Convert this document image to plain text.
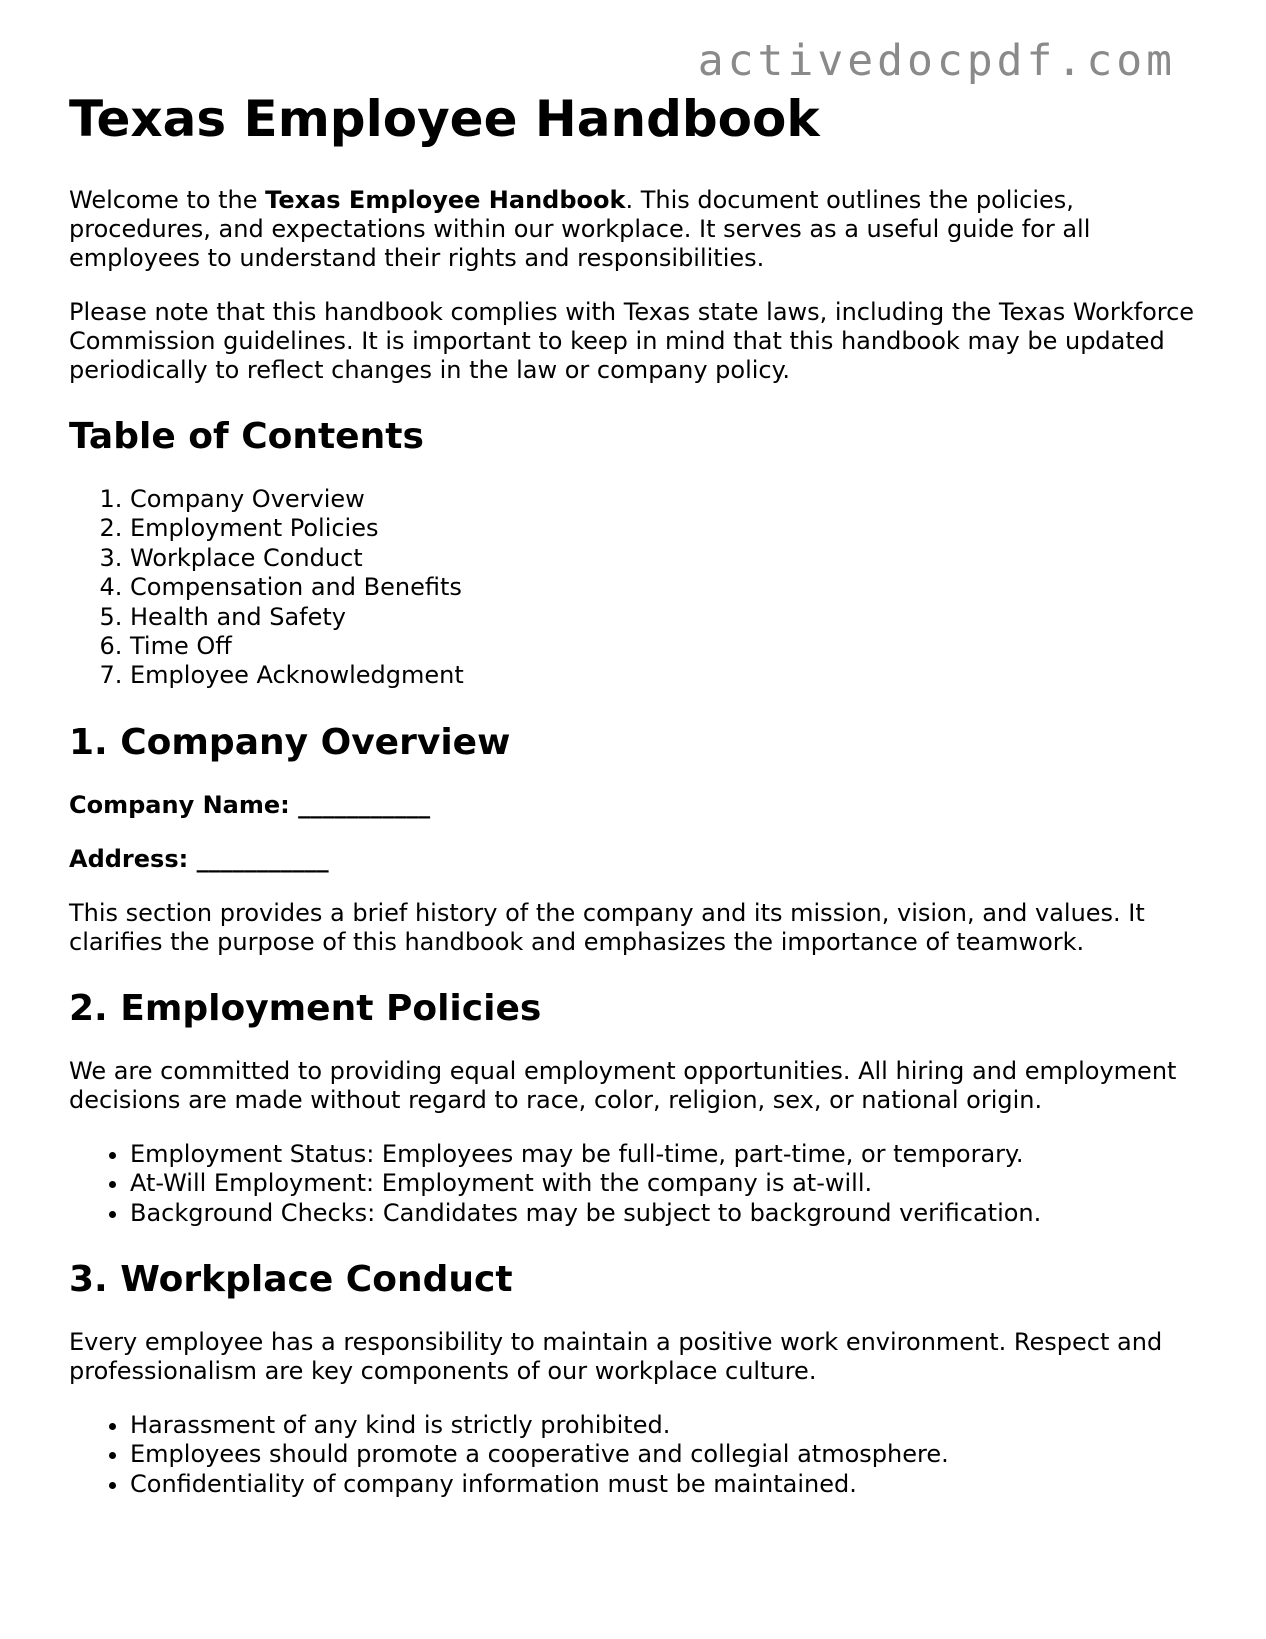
activedocpdf.com
Texas Employee Handbook

Welcome to the Texas Employee Handbook. This document outlines the policies, procedures, and expectations within our workplace. It serves as a useful guide for all employees to understand their rights and responsibilities.

Please note that this handbook complies with Texas state laws, including the Texas Workforce Commission guidelines. It is important to keep in mind that this handbook may be updated periodically to reflect changes in the law or company policy.

Table of Contents
1. Company Overview
2. Employment Policies
3. Workplace Conduct
4. Compensation and Benefits
5. Health and Safety
6. Time Off
7. Employee Acknowledgment
1. Company Overview

Company Name: ___________

Address: ___________

This section provides a brief history of the company and its mission, vision, and values. It clarifies the purpose of this handbook and emphasizes the importance of teamwork.

2. Employment Policies

We are committed to providing equal employment opportunities. All hiring and employment decisions are made without regard to race, color, religion, sex, or national origin.

• Employment Status: Employees may be full-time, part-time, or temporary.
• At-Will Employment: Employment with the company is at-will.
• Background Checks: Candidates may be subject to background verification.
3. Workplace Conduct

Every employee has a responsibility to maintain a positive work environment. Respect and professionalism are key components of our workplace culture.

• Harassment of any kind is strictly prohibited.
• Employees should promote a cooperative and collegial atmosphere.
• Confidentiality of company information must be maintained.
